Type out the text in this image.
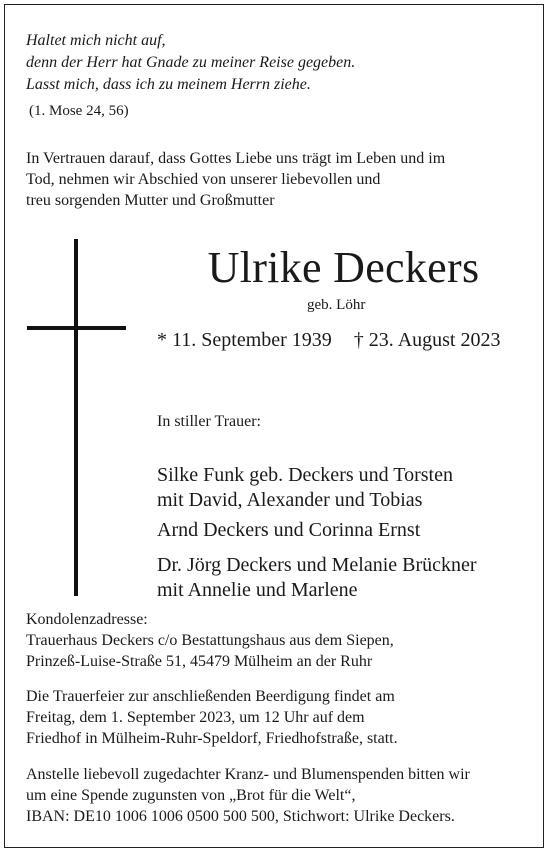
Haltet mich nicht auf,
denn der Herr hat Gnade zu meiner Reise gegeben.
Lasst mich, dass ich zu meinem Herrn ziehe.
(1. Mose 24, 56)
In Vertrauen darauf, dass Gottes Liebe uns trägt im Leben und im
Tod, nehmen wir Abschied von unserer liebevollen und
treu sorgenden Mutter und Großmutter
Ulrike Deckers
geb. Löhr
* 11. September 1939 † 23. August 2023
In stiller Trauer:
Silke Funk geb. Deckers und Torsten
mit David, Alexander und Tobias
Arnd Deckers und Corinna Ernst
Dr. Jörg Deckers und Melanie Brückner
mit Annelie und Marlene
Kondolenzadresse:
Trauerhaus Deckers c/o Bestattungshaus aus dem Siepen,
Prinzeß-Luise-Straße 51, 45479 Mülheim an der Ruhr
Die Trauerfeier zur anschließenden Beerdigung findet am
Freitag, dem 1. September 2023, um 12 Uhr auf dem
Friedhof in Mülheim-Ruhr-Speldorf, Friedhofstraße, statt.
Anstelle liebevoll zugedachter Kranz- und Blumenspenden bitten wir
um eine Spende zugunsten von „Brot für die Welt“,
IBAN: DE10 1006 1006 0500 500 500, Stichwort: Ulrike Deckers.
